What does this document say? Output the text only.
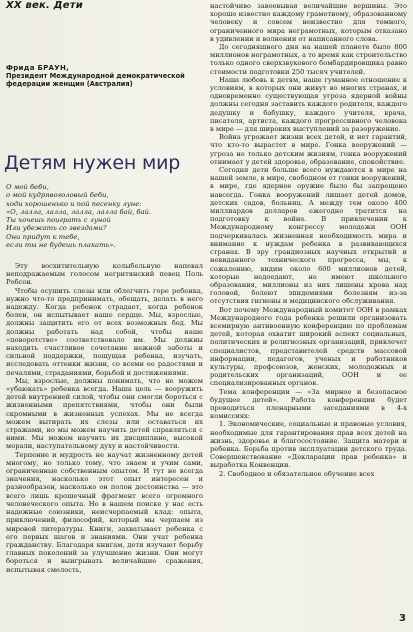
XX век. Дети
Фрида БРАУН,
Президент Международной демократической федерации женщин (Австралия)
Детям нужен мир
О мой беби,
о мой кудрявоголовый беби,
ходи хорошенько и пой песенку луне:
«О, лалла, лалла, лалла, лалла бай, бай.
Ты хочешь поиграть с луной
Или убежать со звездами?
Они придут к тебе,
если ты не будешь плакать».

Эту восхитительную колыбельную напевал неподражаемым голосом негритянский певец Поль Робсон.

Чтобы осушить слезы или облегчить горе ребенка, нужно что-то предпринимать, обещать, делать в него надежду. Когда ребенок страдает, когда ребенок болен, он испытывает наше сердце. Мы, взрослые, должны защитить его от всех возможных бед. Мы должны работать над собой, чтобы наше «поворотство» соответствовало им. Мы должны находить счастливое сочетание нежной заботы и сильной поддержки, пощущая ребенка, изучать, исследовать оттенки жизни, со всеми ее радостями и печалями, страданиями, борьбой и достижениями.

Мы, взрослые, должны понимать, что не можем «убаюкать» ребенка всегда. Наша цель — вооружить детей внутренней силой, чтобы они смогли бороться с жизненными препятствиями, чтобы они были скромными в жизненных успехах. Мы не всегда можем вытирать их слезы или оставаться их стражами, но мы можем научить детей справляться с ними. Мы можем научить их дисциплине, высокой морали, наступательному духу и настойчивости.

Терпение и мудрость не научат жизненному детей многому, но только тому, что знаем и учим сами, ограниченные собственным опытом. И тут не всегда значения, насколько этот опыт интересен и разнообразен, насколько он полон достоинства — это всего лишь крошечный фрагмент всего огромного человеческого опыта. Но в нашем поиске у нас есть надежные союзники, неисчерпаемый клад: опыта, приключений, философий, который мы черпаем из мировой литературы. Книги, захватывает ребенка с его первых шагов и знаниями. Они учат ребенка гражданству. Благодаря книгам, дети изучают борьбу главных поколений за улучшение жизни. Они могут бороться и выигрывать величайшие сражения, испытывая смелость,

настойчиво завоевывая величайшие вершины. Это хорошо известно каждому грамотному, образованному человеку и совсем неизвестно для темного, ограниченного мира неграмотных, которым отказано в удивлении и волнении от написанного слова.

До сегодняшнего дня на нашей планете было 800 миллионов неграмотных, а то время как строительство только одного сверхзвукового бомбардировщика равно стоимости подготовки 250 тысяч учителей.

Наша любовь к детям, наше гуманное отношение к условиям, в которых они живут во многих странах, и одновременно существующая угроза ядерной войны должны сегодня заставить каждого родителя, каждого дедушку и бабушку, каждого учителя, врача, писателя, артиста, каждого прогрессивного человека в мире — для широких выступлений за разоружение.

Война угрожает жизни всех детей, и нет гарантий, что кто-то вырастет в мире. Гонка вооружений — угроза не только детским жизням, гонка вооружений отнимает у детей здоровье, образование, спокойствие.

Сегодня дети больше всего нуждаются в мире на нашей земле, в мире, свободном от гонки вооружений, в мире, где ядерное оружие было бы запрещено навсегда. Гонка вооружений лишает детей домов, детских садов, больниц. А между тем около 400 миллиардов долларов ежегодно тратится на подготовку к войне. В привлечении к Международному конгрессу молодежи ООН подчеркивалась жизненная необходимость мира и внимание к нуждам ребенка в развивающихся странах. В эру грандиозных научных открытий и невиданного технического прогресса, мы, к сожалению, видим около 600 миллионов детей, которые недоедают, не имеют школьного образования, миллионы из них лишены крова над головой, болеют эпидемиями болезням из-за отсутствия гигиены и медицинского обслуживания.

Вот почему Международный комитет ООН в рамках Международного года ребенка решили организовать всемирную антивоенную конференцию по проблемам детей, которая охватит широкий аспект социальных, политических и религиозных организаций, привлечет специалистов, представителей средств массовой информации, педагогов, ученых и работников культуры, профсоюзов, женских, молодежных и родительских организаций, ООН и ее специализированных органов.

Тема конференции — «За мирное и безопасное будущее детей». Работа конференции будет проводиться пленарными заседаниями в 4-х комиссиях:

1. Экономические, социальные и правовые условия, необходимые для гарантирования прав всех детей на жизнь, здоровье и благосостояние. Защита матери и ребенка. Борьба против эксплуатации детского труда. Совершенствование «Декларации прав ребенка» и выработка Конвенции.

2. Свободное и обязательное обучение всех

3
